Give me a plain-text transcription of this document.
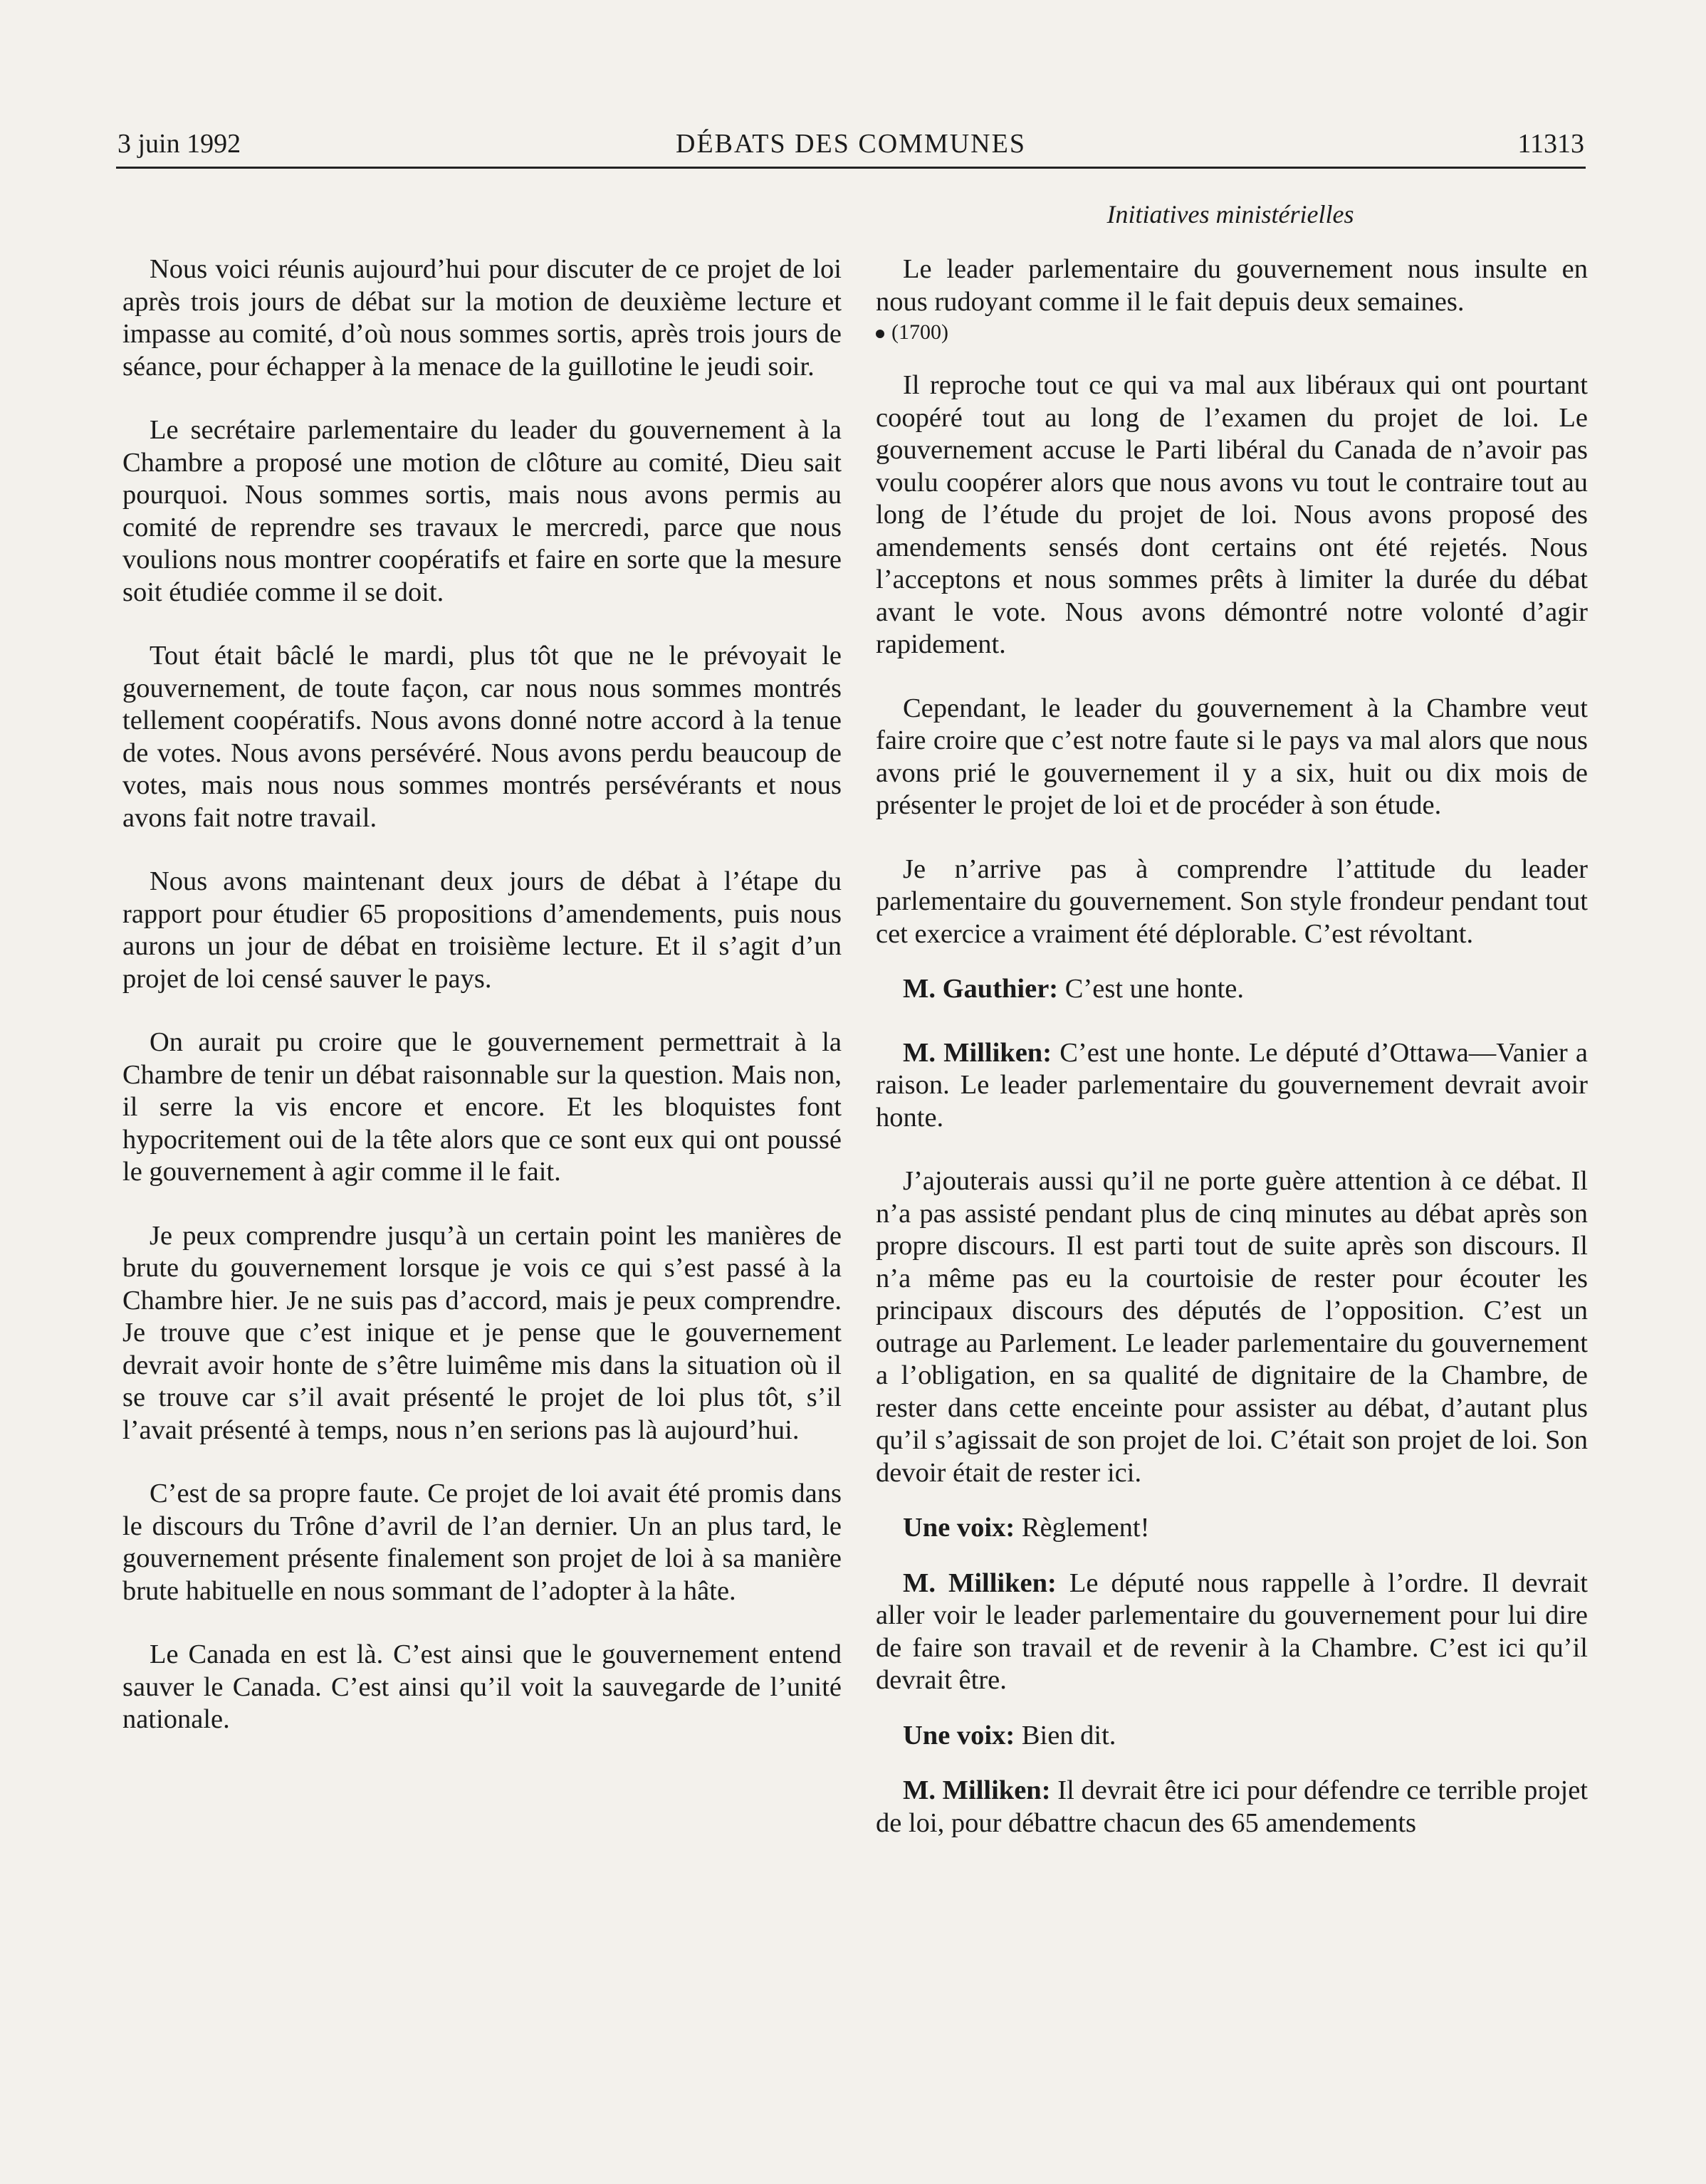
3 juin 1992	DÉBATS DES COMMUNES	11313
Initiatives ministérielles

Nous voici réunis aujourd’hui pour discuter de ce projet de loi après trois jours de débat sur la motion de deuxième lecture et impasse au comité, d’où nous sommes sortis, après trois jours de séance, pour échapper à la menace de la guillotine le jeudi soir.

Le secrétaire parlementaire du leader du gouvernement à la Chambre a proposé une motion de clôture au comité, Dieu sait pourquoi. Nous sommes sortis, mais nous avons permis au comité de reprendre ses travaux le mercredi, parce que nous voulions nous montrer coopératifs et faire en sorte que la mesure soit étudiée comme il se doit.

Tout était bâclé le mardi, plus tôt que ne le prévoyait le gouvernement, de toute façon, car nous nous sommes montrés tellement coopératifs. Nous avons donné notre accord à la tenue de votes. Nous avons persévéré. Nous avons perdu beaucoup de votes, mais nous nous sommes montrés persévérants et nous avons fait notre travail.

Nous avons maintenant deux jours de débat à l’étape du rapport pour étudier 65 propositions d’amendements, puis nous aurons un jour de débat en troisième lecture. Et il s’agit d’un projet de loi censé sauver le pays.

On aurait pu croire que le gouvernement permettrait à la Chambre de tenir un débat raisonnable sur la question. Mais non, il serre la vis encore et encore. Et les bloquistes font hypocritement oui de la tête alors que ce sont eux qui ont poussé le gouvernement à agir comme il le fait.

Je peux comprendre jusqu’à un certain point les manières de brute du gouvernement lorsque je vois ce qui s’est passé à la Chambre hier. Je ne suis pas d’accord, mais je peux comprendre. Je trouve que c’est inique et je pense que le gouvernement devrait avoir honte de s’être luimême mis dans la situation où il se trouve car s’il avait présenté le projet de loi plus tôt, s’il l’avait présenté à temps, nous n’en serions pas là aujourd’hui.

C’est de sa propre faute. Ce projet de loi avait été promis dans le discours du Trône d’avril de l’an dernier. Un an plus tard, le gouvernement présente finalement son projet de loi à sa manière brute habituelle en nous sommant de l’adopter à la hâte.

Le Canada en est là. C’est ainsi que le gouvernement entend sauver le Canada. C’est ainsi qu’il voit la sauvegarde de l’unité nationale.

Le leader parlementaire du gouvernement nous insulte en nous rudoyant comme il le fait depuis deux semaines.

(1700)

Il reproche tout ce qui va mal aux libéraux qui ont pourtant coopéré tout au long de l’examen du projet de loi. Le gouvernement accuse le Parti libéral du Canada de n’avoir pas voulu coopérer alors que nous avons vu tout le contraire tout au long de l’étude du projet de loi. Nous avons proposé des amendements sensés dont certains ont été rejetés. Nous l’acceptons et nous sommes prêts à limiter la durée du débat avant le vote. Nous avons démontré notre volonté d’agir rapidement.

Cependant, le leader du gouvernement à la Chambre veut faire croire que c’est notre faute si le pays va mal alors que nous avons prié le gouvernement il y a six, huit ou dix mois de présenter le projet de loi et de procéder à son étude.

Je n’arrive pas à comprendre l’attitude du leader parlementaire du gouvernement. Son style frondeur pendant tout cet exercice a vraiment été déplorable. C’est révoltant.

M. Gauthier: C’est une honte.

M. Milliken: C’est une honte. Le député d’Ottawa—Vanier a raison. Le leader parlementaire du gouvernement devrait avoir honte.

J’ajouterais aussi qu’il ne porte guère attention à ce débat. Il n’a pas assisté pendant plus de cinq minutes au débat après son propre discours. Il est parti tout de suite après son discours. Il n’a même pas eu la courtoisie de rester pour écouter les principaux discours des députés de l’opposition. C’est un outrage au Parlement. Le leader parlementaire du gouvernement a l’obligation, en sa qualité de dignitaire de la Chambre, de rester dans cette enceinte pour assister au débat, d’autant plus qu’il s’agissait de son projet de loi. C’était son projet de loi. Son devoir était de rester ici.

Une voix: Règlement!

M. Milliken: Le député nous rappelle à l’ordre. Il devrait aller voir le leader parlementaire du gouvernement pour lui dire de faire son travail et de revenir à la Chambre. C’est ici qu’il devrait être.

Une voix: Bien dit.

M. Milliken: Il devrait être ici pour défendre ce terrible projet de loi, pour débattre chacun des 65 amendements
